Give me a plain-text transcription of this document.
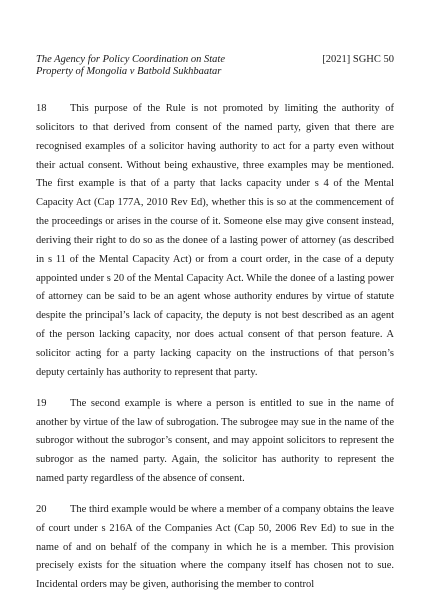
The Agency for Policy Coordination on State
Property of Mongolia v Batbold Sukhbaatar
[2021] SGHC 50

18 This purpose of the Rule is not promoted by limiting the authority of solicitors to that derived from consent of the named party, given that there are recognised examples of a solicitor having authority to act for a party even without their actual consent. Without being exhaustive, three examples may be mentioned. The first example is that of a party that lacks capacity under s 4 of the Mental Capacity Act (Cap 177A, 2010 Rev Ed), whether this is so at the commencement of the proceedings or arises in the course of it. Someone else may give consent instead, deriving their right to do so as the donee of a lasting power of attorney (as described in s 11 of the Mental Capacity Act) or from a court order, in the case of a deputy appointed under s 20 of the Mental Capacity Act. While the donee of a lasting power of attorney can be said to be an agent whose authority endures by virtue of statute despite the principal’s lack of capacity, the deputy is not best described as an agent of the person lacking capacity, nor does actual consent of that person feature. A solicitor acting for a party lacking capacity on the instructions of that person’s deputy certainly has authority to represent that party.

19 The second example is where a person is entitled to sue in the name of another by virtue of the law of subrogation. The subrogee may sue in the name of the subrogor without the subrogor’s consent, and may appoint solicitors to represent the subrogor as the named party. Again, the solicitor has authority to represent the named party regardless of the absence of consent.

20 The third example would be where a member of a company obtains the leave of court under s 216A of the Companies Act (Cap 50, 2006 Rev Ed) to sue in the name of and on behalf of the company in which he is a member. This provision precisely exists for the situation where the company itself has chosen not to sue. Incidental orders may be given, authorising the member to control
